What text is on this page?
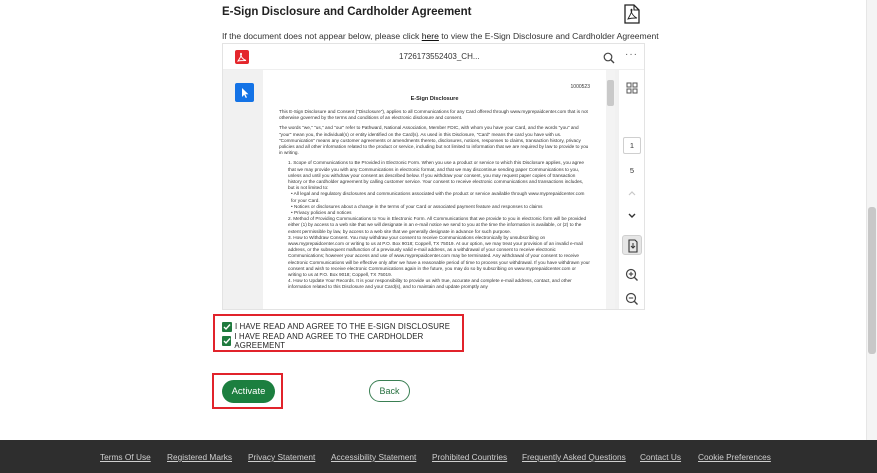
E-Sign Disclosure and Cardholder Agreement
If the document does not appear below, please click here to view the E-Sign Disclosure and Cardholder Agreement
1726173552403_CH...	···
1000523
E-Sign Disclosure
This E-Sign Disclosure and Consent ("Disclosure"), applies to all Communications for any Card offered through www.myprepaidcenter.com that is not otherwise governed by the terms and conditions of an electronic disclosure and consent.
The words "we," "us," and "our" refer to Pathward, National Association, Member FDIC, with whom you have your Card, and the words "you" and "your" mean you, the individual(s) or entity identified on the Card(s). As used in this Disclosure, "Card" means the card you have with us. "Communication" means any customer agreements or amendments thereto, disclosures, notices, responses to claims, transaction history, privacy policies and all other information related to the product or service, including but not limited to information that we are required by law to provide to you in writing.
1. Scope of Communications to Be Provided in Electronic Form. When you use a product or service to which this Disclosure applies, you agree that we may provide you with any Communications in electronic format, and that we may discontinue sending paper Communications to you, unless and until you withdraw your consent as described below. If you withdraw your consent, you may request paper copies of transaction history or the cardholder agreement by calling customer service. Your consent to receive electronic communications and transactions includes, but is not limited to:
• All legal and regulatory disclosures and communications associated with the product or service available through www.myprepaidcenter.com for your Card.
• Notices or disclosures about a change in the terms of your Card or associated payment feature and responses to claims
• Privacy policies and notices
2. Method of Providing Communications to You in Electronic Form. All Communications that we provide to you in electronic form will be provided either (1) by access to a web site that we will designate in an e-mail notice we send to you at the time the information is available, or (2) to the extent permissible by law, by access to a web site that we generally designate in advance for such purpose.
3. How to Withdraw Consent. You may withdraw your consent to receive Communications electronically by unsubscribing on www.myprepaidcenter.com or writing to us at P.O. Box 9018; Coppell, TX 75019. At our option, we may treat your provision of an invalid e-mail address, or the subsequent malfunction of a previously valid e-mail address, as a withdrawal of your consent to receive electronic Communications; however your access and use of www.myprepaidcenter.com may be terminated. Any withdrawal of your consent to receive electronic Communications will be effective only after we have a reasonable period of time to process your withdrawal. If you have withdrawn your consent and wish to receive electronic Communications again in the future, you may do so by subscribing on www.myprepaidcenter.com or writing to us at P.O. Box 9018; Coppell, TX 75019.
4. How to Update Your Records. It is your responsibility to provide us with true, accurate and complete e-mail address, contact, and other information related to this Disclosure and your Card(s), and to maintain and update promptly any
1
5
I HAVE READ AND AGREE TO THE E-SIGN DISCLOSURE
I HAVE READ AND AGREE TO THE CARDHOLDER AGREEMENT
Activate	Back
Terms Of Use Registered Marks Privacy Statement Accessibility Statement Prohibited Countries Frequently Asked Questions Contact Us Cookie Preferences
